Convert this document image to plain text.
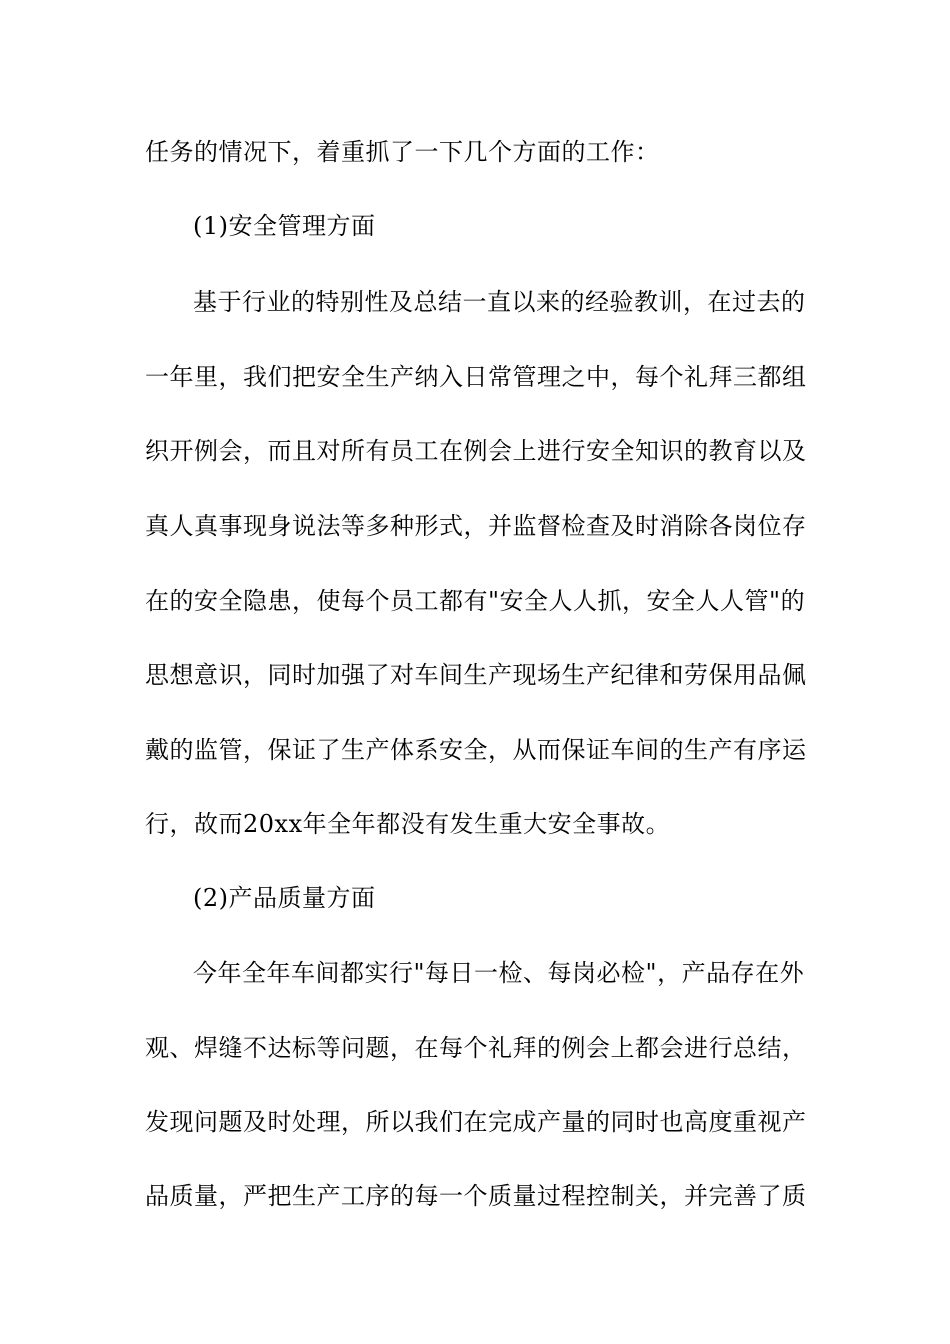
任务的情况下，着重抓了一下几个方面的工作：
(1)安全管理方面
基于行业的特别性及总结一直以来的经验教训，在过去的
一年里，我们把安全生产纳入日常管理之中，每个礼拜三都组
织开例会，而且对所有员工在例会上进行安全知识的教育以及
真人真事现身说法等多种形式，并监督检查及时消除各岗位存
在的安全隐患，使每个员工都有"安全人人抓，安全人人管"的
思想意识，同时加强了对车间生产现场生产纪律和劳保用品佩
戴的监管，保证了生产体系安全，从而保证车间的生产有序运
行，故而20xx年全年都没有发生重大安全事故。
(2)产品质量方面
今年全年车间都实行"每日一检、每岗必检"，产品存在外
观、焊缝不达标等问题，在每个礼拜的例会上都会进行总结，
发现问题及时处理，所以我们在完成产量的同时也高度重视产
品质量，严把生产工序的每一个质量过程控制关，并完善了质
